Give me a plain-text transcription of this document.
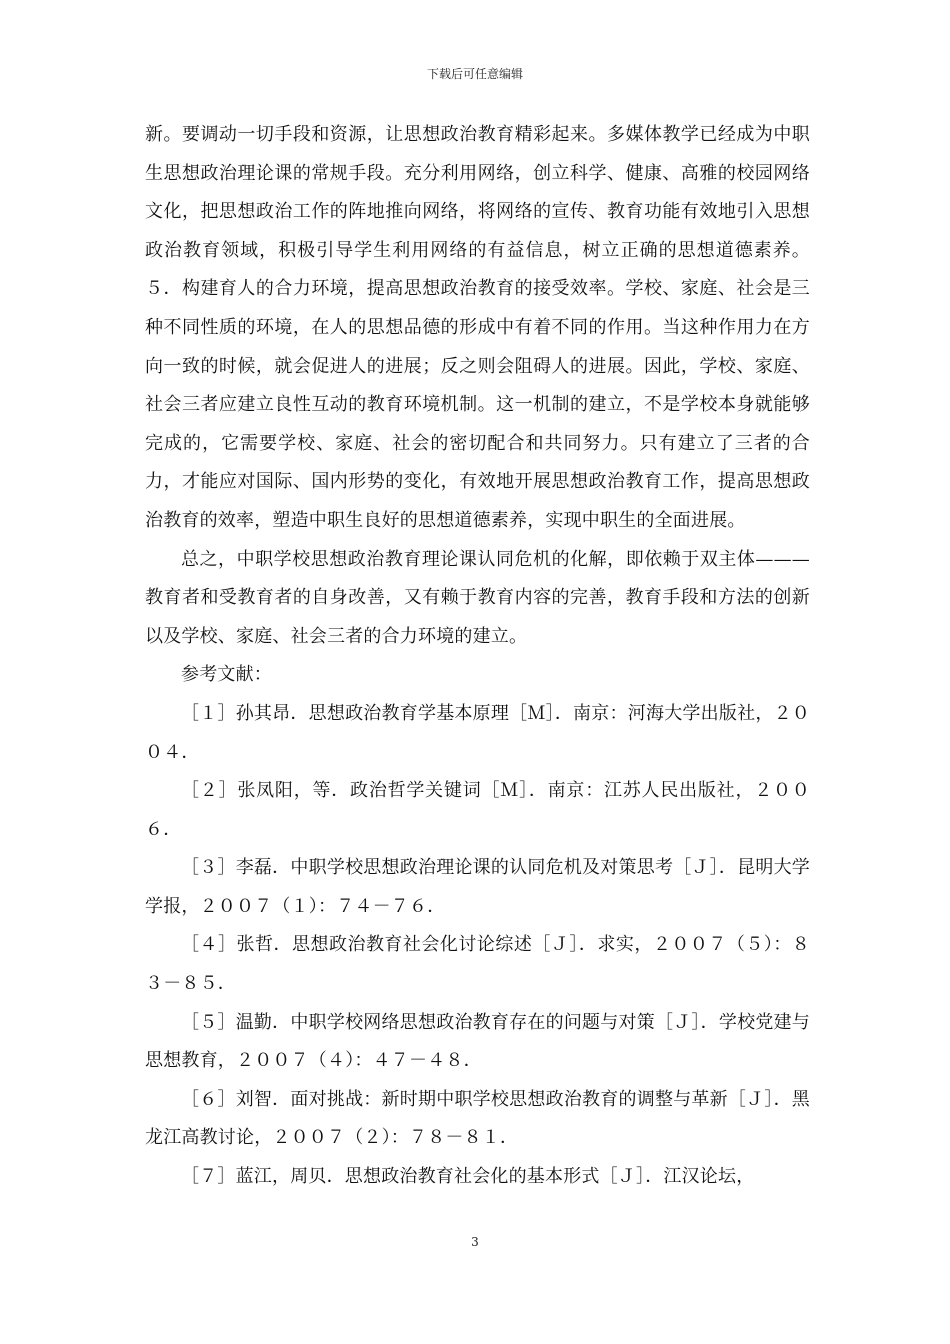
下载后可任意编辑

新。要调动一切手段和资源，让思想政治教育精彩起来。多媒体教学已经成为中职生思想政治理论课的常规手段。充分利用网络，创立科学、健康、高雅的校园网络文化，把思想政治工作的阵地推向网络，将网络的宣传、教育功能有效地引入思想政治教育领域，积极引导学生利用网络的有益信息，树立正确的思想道德素养。５．构建育人的合力环境，提高思想政治教育的接受效率。学校、家庭、社会是三种不同性质的环境，在人的思想品德的形成中有着不同的作用。当这种作用力在方向一致的时候，就会促进人的进展；反之则会阻碍人的进展。因此，学校、家庭、社会三者应建立良性互动的教育环境机制。这一机制的建立，不是学校本身就能够完成的，它需要学校、家庭、社会的密切配合和共同努力。只有建立了三者的合力，才能应对国际、国内形势的变化，有效地开展思想政治教育工作，提高思想政治教育的效率，塑造中职生良好的思想道德素养，实现中职生的全面进展。

总之，中职学校思想政治教育理论课认同危机的化解，即依赖于双主体———教育者和受教育者的自身改善，又有赖于教育内容的完善，教育手段和方法的创新以及学校、家庭、社会三者的合力环境的建立。

参考文献：

［１］孙其昂．思想政治教育学基本原理［Ｍ］．南京：河海大学出版社，２００４．

［２］张凤阳，等．政治哲学关键词［Ｍ］．南京：江苏人民出版社，２００６．

［３］李磊．中职学校思想政治理论课的认同危机及对策思考［Ｊ］．昆明大学学报，２００７（１）：７４－７６．

［４］张哲．思想政治教育社会化讨论综述［Ｊ］．求实，２００７（５）：８３－８５．

［５］温勤．中职学校网络思想政治教育存在的问题与对策［Ｊ］．学校党建与思想教育，２００７（４）：４７－４８．

［６］刘智．面对挑战：新时期中职学校思想政治教育的调整与革新［Ｊ］．黑龙江高教讨论，２００７（２）：７８－８１．

［７］蓝江，周贝．思想政治教育社会化的基本形式［Ｊ］．江汉论坛，

3
